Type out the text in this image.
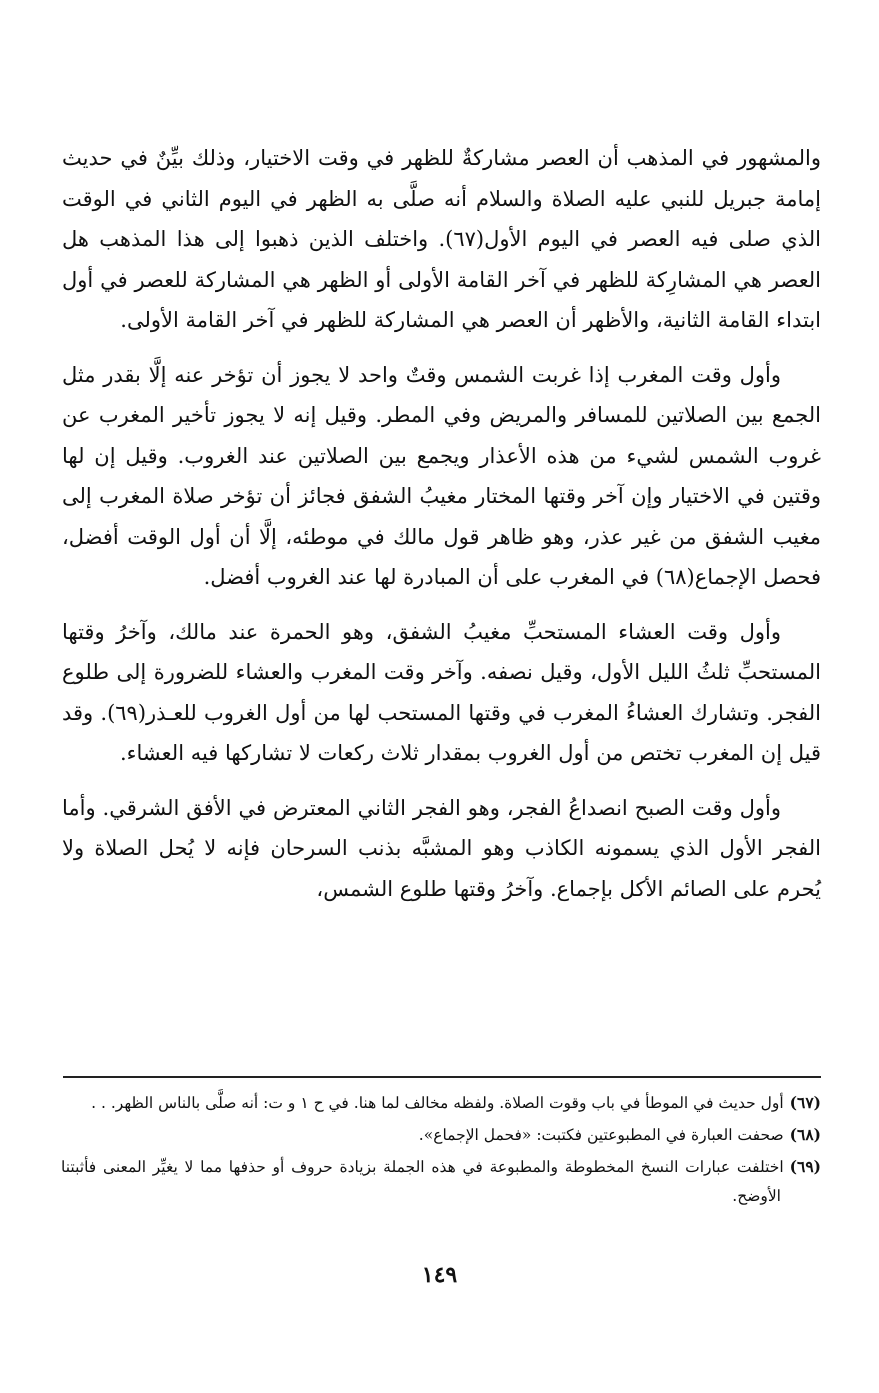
والمشهور في المذهب أن العصر مشاركةٌ للظهر في وقت الاختيار، وذلك بيِّنٌ في حديث إمامة جبريل للنبي عليه الصلاة والسلام أنه صلَّى به الظهر في اليوم الثاني في الوقت الذي صلى فيه العصر في اليوم الأول(٦٧). واختلف الذين ذهبوا إلى هذا المذهب هل العصر هي المشارِكة للظهر في آخر القامة الأولى أو الظهر هي المشاركة للعصر في أول ابتداء القامة الثانية، والأظهر أن العصر هي المشاركة للظهر في آخر القامة الأولى.

وأول وقت المغرب إذا غربت الشمس وقتٌ واحد لا يجوز أن تؤخر عنه إلَّا بقدر مثل الجمع بين الصلاتين للمسافر والمريض وفي المطر. وقيل إنه لا يجوز تأخير المغرب عن غروب الشمس لشيء من هذه الأعذار ويجمع بين الصلاتين عند الغروب. وقيل إن لها وقتين في الاختيار وإن آخر وقتها المختار مغيبُ الشفق فجائز أن تؤخر صلاة المغرب إلى مغيب الشفق من غير عذر، وهو ظاهر قول مالك في موطئه، إلَّا أن أول الوقت أفضل، فحصل الإجماع(٦٨) في المغرب على أن المبادرة لها عند الغروب أفضل.

وأول وقت العشاء المستحبِّ مغيبُ الشفق، وهو الحمرة عند مالك، وآخرُ وقتها المستحبِّ ثلثُ الليل الأول، وقيل نصفه. وآخر وقت المغرب والعشاء للضرورة إلى طلوع الفجر. وتشارك العشاءُ المغرب في وقتها المستحب لها من أول الغروب للعـذر(٦٩). وقد قيل إن المغرب تختص من أول الغروب بمقدار ثلاث ركعات لا تشاركها فيه العشاء.

وأول وقت الصبح انصداعُ الفجر، وهو الفجر الثاني المعترض في الأفق الشرقي. وأما الفجر الأول الذي يسمونه الكاذب وهو المشبَّه بذنب السرحان فإنه لا يُحل الصلاة ولا يُحرم على الصائم الأكل بإجماع. وآخرُ وقتها طلوع الشمس،

(٦٧)أول حديث في الموطأ في باب وقوت الصلاة. ولفظه مخالف لما هنا. في ح ١ و ت: أنه صلَّى بالناس الظهر. . .

(٦٨)صحفت العبارة في المطبوعتين فكتبت: «فحمل الإجماع».

(٦٩)اختلفت عبارات النسخ المخطوطة والمطبوعة في هذه الجملة بزيادة حروف أو حذفها مما لا يغيِّر المعنى فأثبتنا الأوضح.

١٤٩
